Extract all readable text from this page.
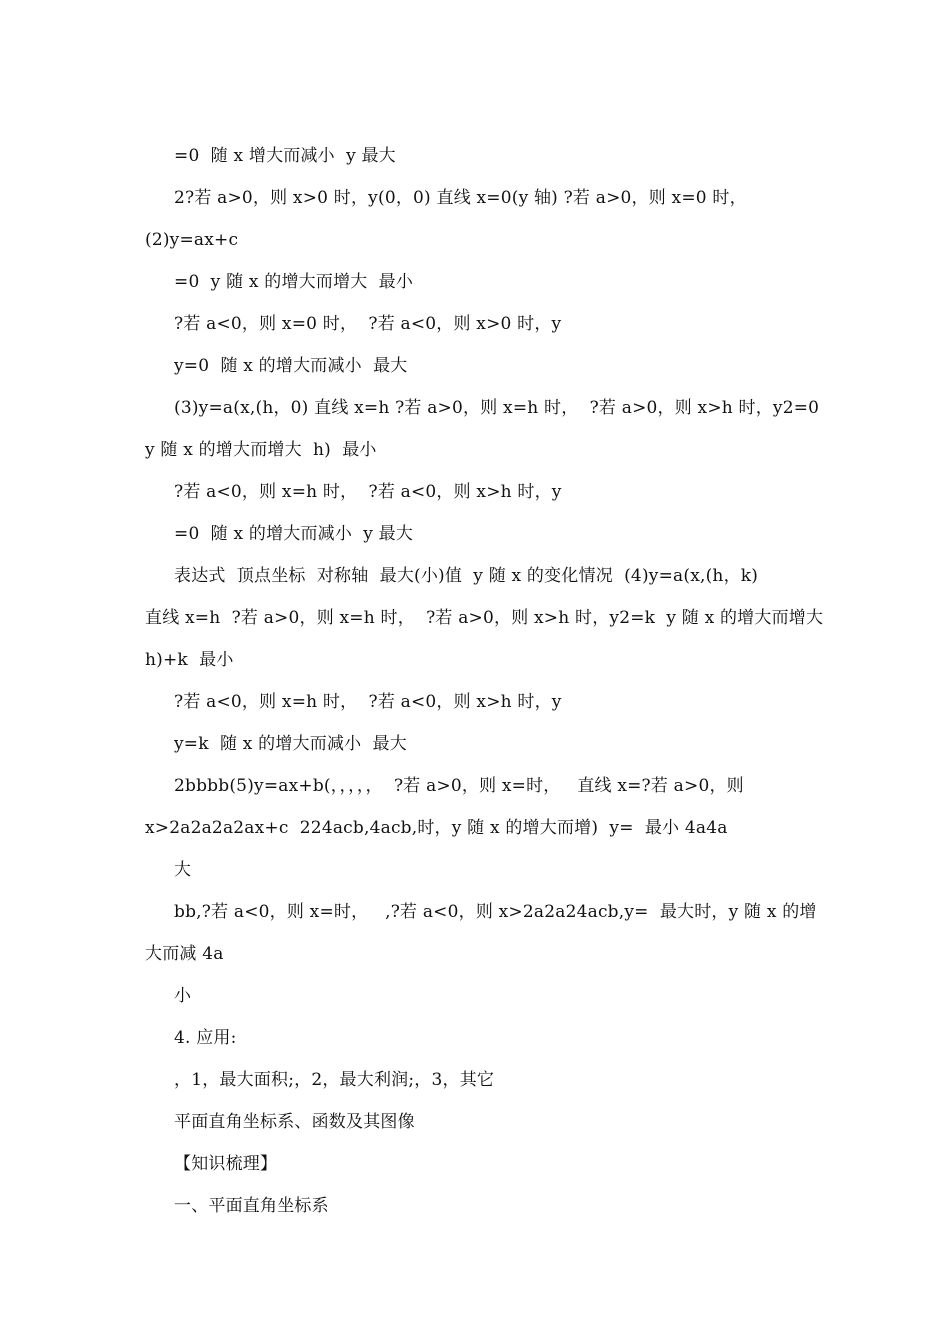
=0  随 x 增大而减小  y 最大
2?若 a>0，则 x>0 时，y(0，0) 直线 x=0(y 轴) ?若 a>0，则 x=0 时，
(2)y=ax+c
=0  y 随 x 的增大而增大  最小
?若 a<0，则 x=0 时，  ?若 a<0，则 x>0 时，y
y=0  随 x 的增大而减小  最大
(3)y=a(x,(h，0) 直线 x=h ?若 a>0，则 x=h 时，  ?若 a>0，则 x>h 时，y2=0
y 随 x 的增大而增大  h)  最小
?若 a<0，则 x=h 时，  ?若 a<0，则 x>h 时，y
=0  随 x 的增大而减小  y 最大
表达式  顶点坐标  对称轴  最大(小)值  y 随 x 的变化情况  (4)y=a(x,(h，k)
直线 x=h  ?若 a>0，则 x=h 时，  ?若 a>0，则 x>h 时，y2=k  y 随 x 的增大而增大
h)+k  最小
?若 a<0，则 x=h 时，  ?若 a<0，则 x>h 时，y
y=k  随 x 的增大而减小  最大
2bbbb(5)y=ax+b(，，，，，  ?若 a>0，则 x=时，   直线 x=?若 a>0，则
x>2a2a2a2ax+c  224acb,4acb,时，y 随 x 的增大而增)  y=  最小 4a4a
大
bb,?若 a<0，则 x=时，   ,?若 a<0，则 x>2a2a24acb,y=  最大时，y 随 x 的增
大而减 4a
小
4. 应用:
，1，最大面积;，2，最大利润;，3，其它
平面直角坐标系、函数及其图像
【知识梳理】
一、平面直角坐标系
